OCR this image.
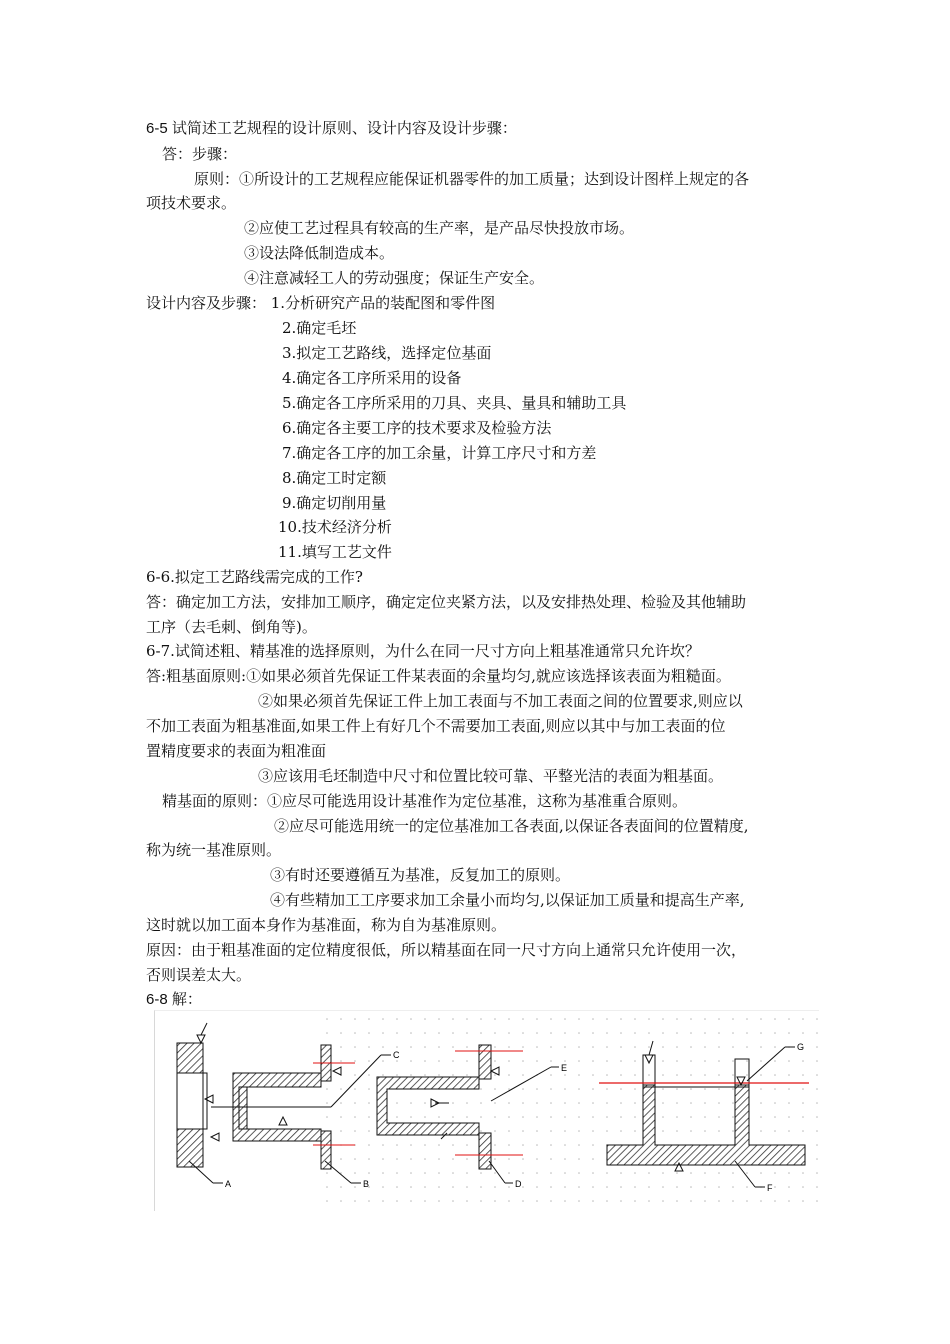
6-5 试简述工艺规程的设计原则、设计内容及设计步骤：
答：步骤：
原则：①所设计的工艺规程应能保证机器零件的加工质量；达到设计图样上规定的各
项技术要求。
②应使工艺过程具有较高的生产率，是产品尽快投放市场。
③设法降低制造成本。
④注意减轻工人的劳动强度；保证生产安全。
设计内容及步骤： 1.分析研究产品的装配图和零件图
2.确定毛坯
3.拟定工艺路线，选择定位基面
4.确定各工序所采用的设备
5.确定各工序所采用的刀具、夹具、量具和辅助工具
6.确定各主要工序的技术要求及检验方法
7.确定各工序的加工余量，计算工序尺寸和方差
8.确定工时定额
9.确定切削用量
10.技术经济分析
11.填写工艺文件
6-6.拟定工艺路线需完成的工作?
答：确定加工方法，安排加工顺序，确定定位夹紧方法，以及安排热处理、检验及其他辅助
工序（去毛刺、倒角等)。
6-7.试简述粗、精基准的选择原则，为什么在同一尺寸方向上粗基准通常只允许坎？
答:粗基面原则:①如果必须首先保证工件某表面的余量均匀,就应该选择该表面为粗糙面。
②如果必须首先保证工件上加工表面与不加工表面之间的位置要求,则应以
不加工表面为粗基准面,如果工件上有好几个不需要加工表面,则应以其中与加工表面的位
置精度要求的表面为粗准面
③应该用毛坯制造中尺寸和位置比较可靠、平整光洁的表面为粗基面。
精基面的原则：①应尽可能选用设计基准作为定位基准，这称为基准重合原则。
②应尽可能选用统一的定位基准加工各表面,以保证各表面间的位置精度,
称为统一基准原则。
③有时还要遵循互为基准，反复加工的原则。
④有些精加工工序要求加工余量小而均匀,以保证加工质量和提高生产率,
这时就以加工面本身作为基准面，称为自为基准原则。
原因：由于粗基准面的定位精度很低，所以精基面在同一尺寸方向上通常只允许使用一次，
否则误差太大。
6-8 解：
A	B
C
D
E
F
G
